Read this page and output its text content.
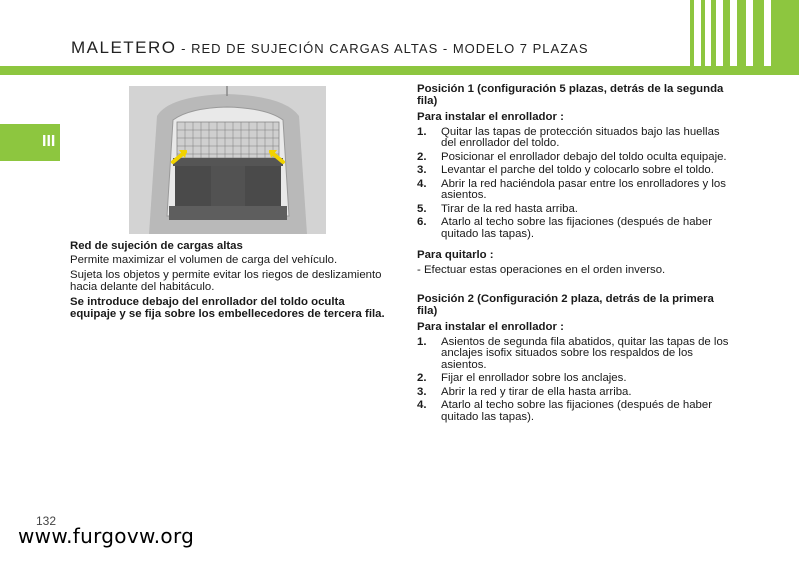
MALETERO - RED DE SUJECIÓN CARGAS ALTAS - MODELO 7 PLAZAS
III
Red de sujeción de cargas altas

Permite maximizar el volumen de carga del vehículo.

Sujeta los objetos y permite evitar los riegos de deslizamiento hacia delante del habitáculo.

Se introduce debajo del enrollador del toldo oculta equipaje y se fija sobre los embellecedores de tercera fila.

Posición 1 (configuración 5 plazas, detrás de la segunda fila)
Para instalar el enrollador :
1. Quitar las tapas de protección situados bajo las huellas del enrollador del toldo.
2. Posicionar el enrollador debajo del toldo oculta equipaje.
3. Levantar el parche del toldo y colocarlo sobre el toldo.
4. Abrir la red haciéndola pasar entre los enrolladores y los asientos.
5. Tirar de la red hasta arriba.
6. Atarlo al techo sobre las fijaciones (después de haber quitado las tapas).
Para quitarlo :
- Efectuar estas operaciones en el orden inverso.
Posición 2 (Configuración 2 plaza, detrás de la primera fila)
Para instalar el enrollador :
1. Asientos de segunda fila abatidos, quitar las tapas de los anclajes isofix situados sobre los respaldos de los asientos.
2. Fijar el enrollador sobre los anclajes.
3. Abrir la red y tirar de ella hasta arriba.
4. Atarlo al techo sobre las fijaciones (después de haber quitado las tapas).
132
www.furgovw.org
